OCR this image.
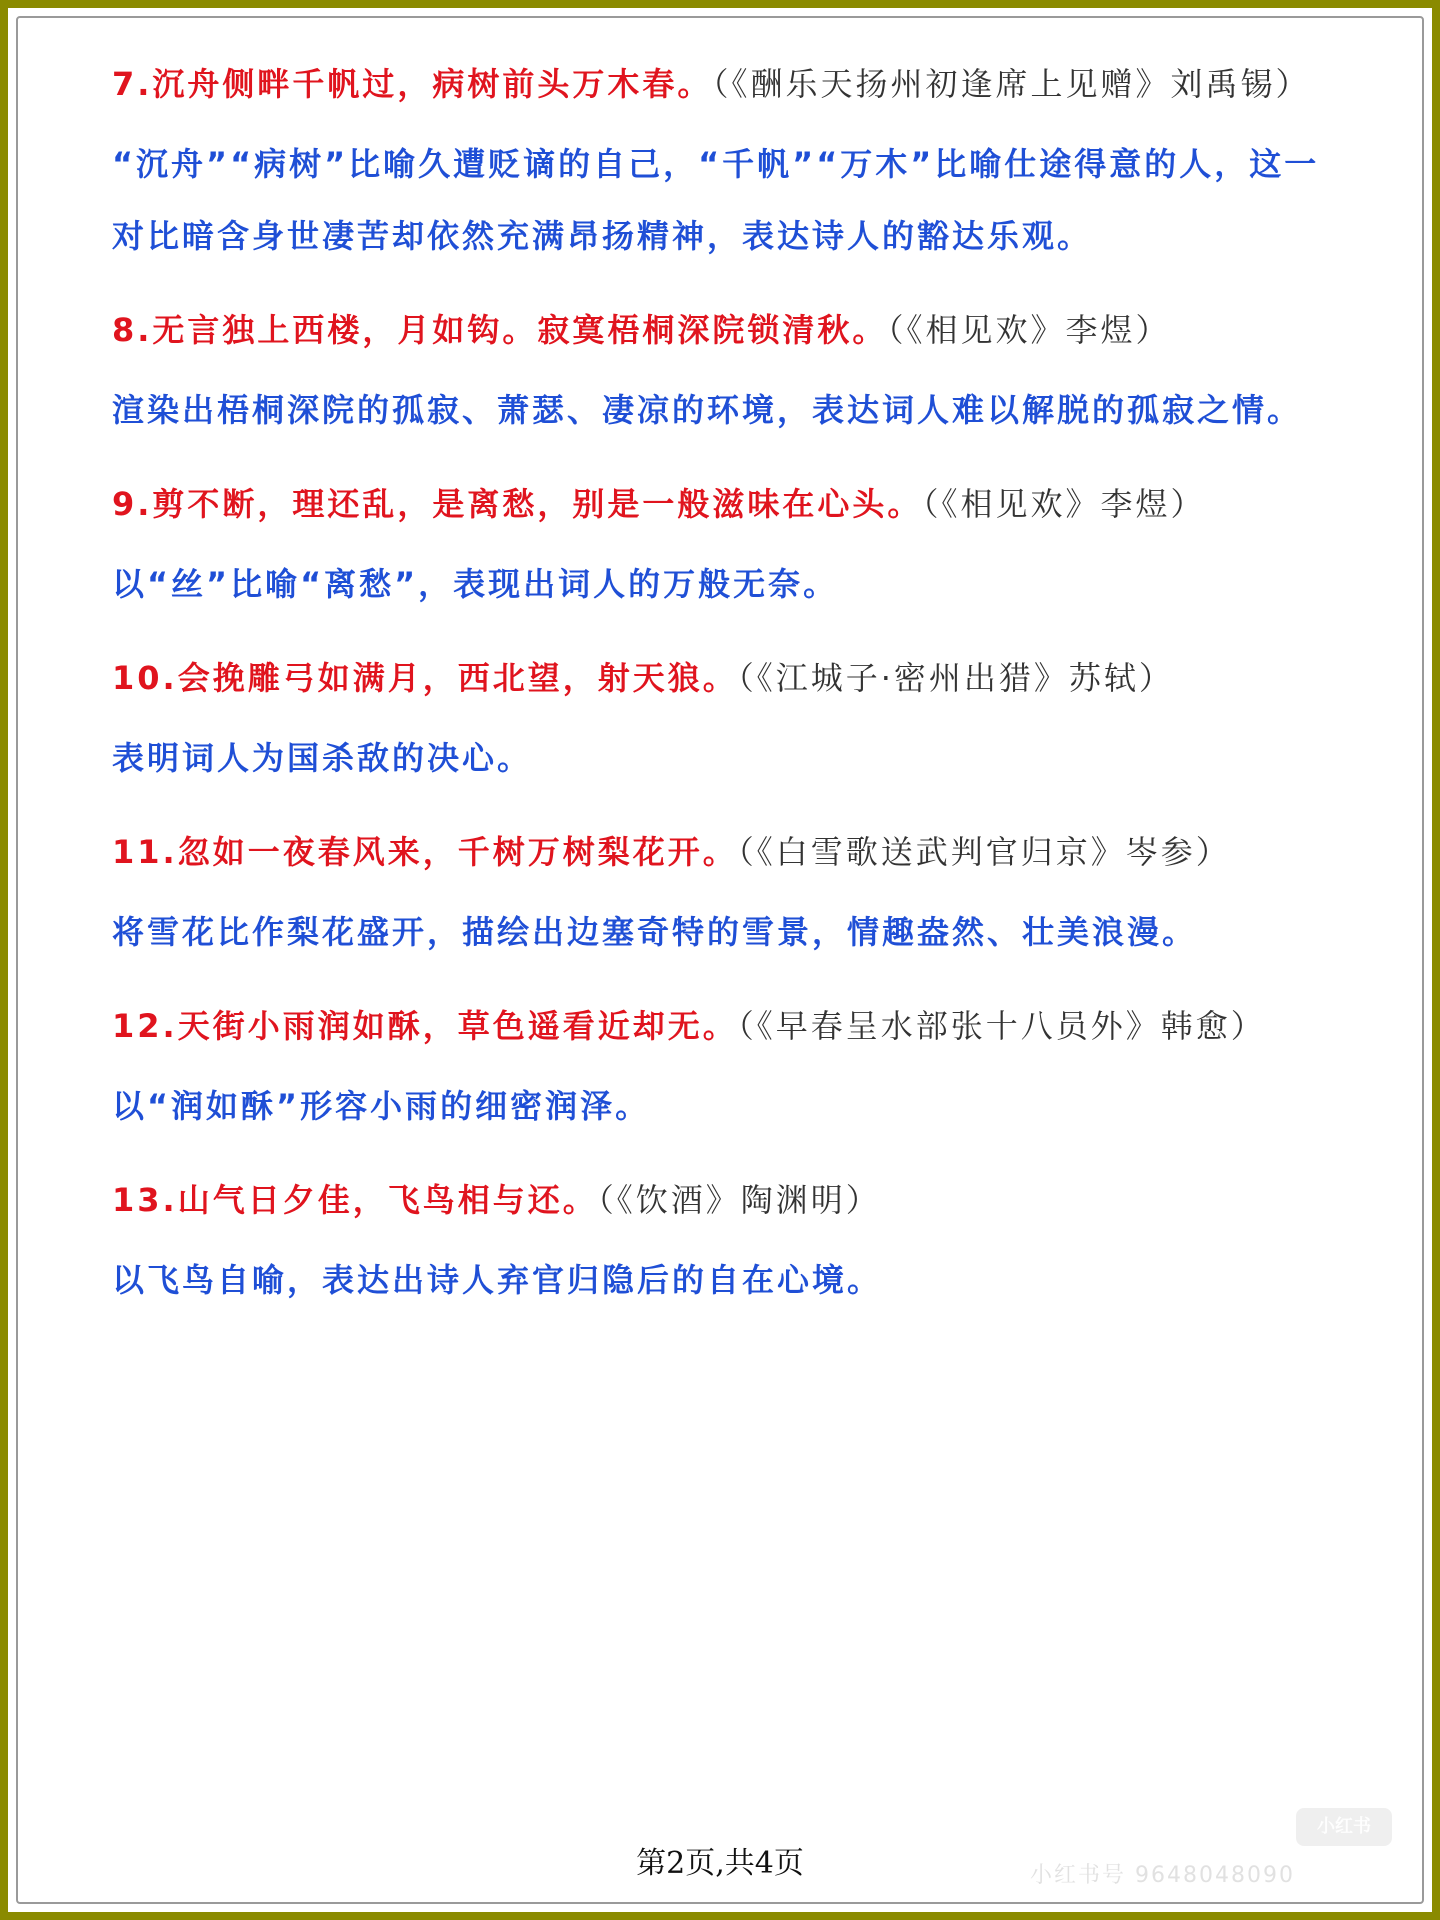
7.沉舟侧畔千帆过，病树前头万木春。（《酬乐天扬州初逢席上见赠》刘禹锡）
“沉舟”“病树”比喻久遭贬谪的自己，“千帆”“万木”比喻仕途得意的人，这一对比暗含身世凄苦却依然充满昂扬精神，表达诗人的豁达乐观。
8.无言独上西楼，月如钩。寂寞梧桐深院锁清秋。（《相见欢》李煜）
渲染出梧桐深院的孤寂、萧瑟、凄凉的环境，表达词人难以解脱的孤寂之情。
9.剪不断，理还乱，是离愁，别是一般滋味在心头。（《相见欢》李煜）
以“丝”比喻“离愁”，表现出词人的万般无奈。
10.会挽雕弓如满月，西北望，射天狼。（《江城子·密州出猎》苏轼）
表明词人为国杀敌的决心。
11.忽如一夜春风来，千树万树梨花开。（《白雪歌送武判官归京》岑参）
将雪花比作梨花盛开，描绘出边塞奇特的雪景，情趣盎然、壮美浪漫。
12.天街小雨润如酥，草色遥看近却无。（《早春呈水部张十八员外》韩愈）
以“润如酥”形容小雨的细密润泽。
13.山气日夕佳，飞鸟相与还。（《饮酒》陶渊明）
以飞鸟自喻，表达出诗人弃官归隐后的自在心境。
小红书
小红书号 9648048090
第2页,共4页
